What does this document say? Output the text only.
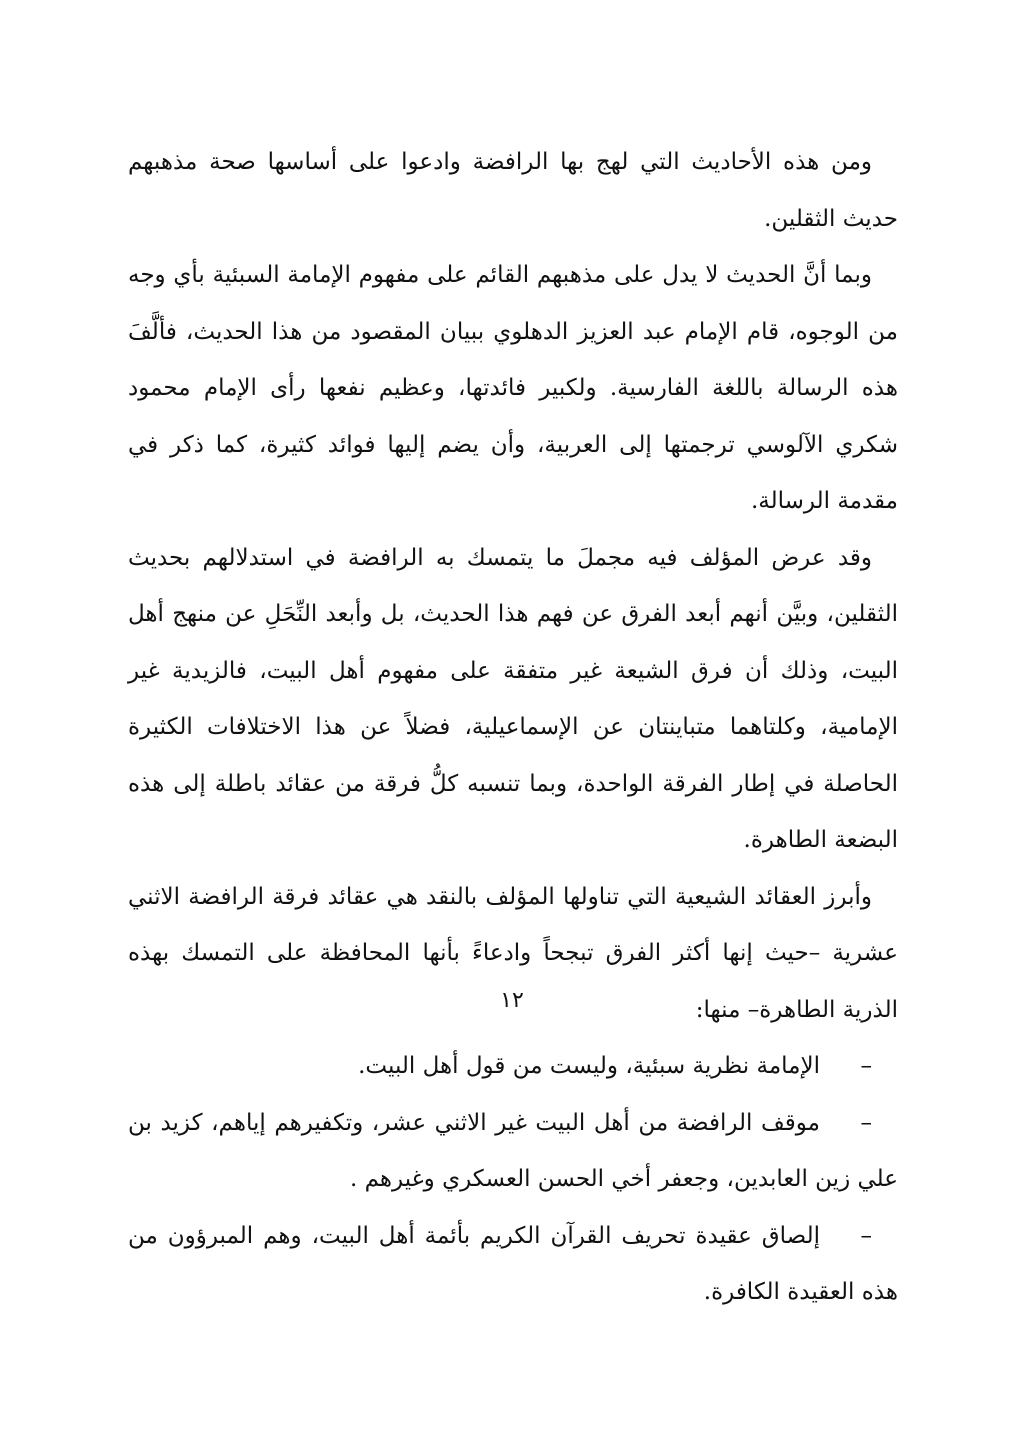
ومن هذه الأحاديث التي لهج بها الرافضة وادعوا على أساسها صحة مذهبهم حديث الثقلين.

وبما أنَّ الحديث لا يدل على مذهبهم القائم على مفهوم الإمامة السبئية بأي وجه من الوجوه، قام الإمام عبد العزيز الدهلوي ببيان المقصود من هذا الحديث، فألَّفَ هذه الرسالة باللغة الفارسية. ولكبير فائدتها، وعظيم نفعها رأى الإمام محمود شكري الآلوسي ترجمتها إلى العربية، وأن يضم إليها فوائد كثيرة، كما ذكر في مقدمة الرسالة.

وقد عرض المؤلف فيه مجملَ ما يتمسك به الرافضة في استدلالهم بحديث الثقلين، وبيَّن أنهم أبعد الفرق عن فهم هذا الحديث، بل وأبعد النِّحَلِ عن منهج أهل البيت، وذلك أن فرق الشيعة غير متفقة على مفهوم أهل البيت، فالزيدية غير الإمامية، وكلتاهما متباينتان عن الإسماعيلية، فضلاً عن هذا الاختلافات الكثيرة الحاصلة في إطار الفرقة الواحدة، وبما تنسبه كلُّ فرقة من عقائد باطلة إلى هذه البضعة الطاهرة.

وأبرز العقائد الشيعية التي تناولها المؤلف بالنقد هي عقائد فرقة الرافضة الاثني عشرية –حيث إنها أكثر الفرق تبجحاً وادعاءً بأنها المحافظة على التمسك بهذه الذرية الطاهرة– منها:

–الإمامة نظرية سبئية، وليست من قول أهل البيت.
–موقف الرافضة من أهل البيت غير الاثني عشر، وتكفيرهم إياهم، كزيد بن علي زين العابدين، وجعفر أخي الحسن العسكري وغيرهم .
–إلصاق عقيدة تحريف القرآن الكريم بأئمة أهل البيت، وهم المبرؤون من هذه العقيدة الكافرة.
١٢
